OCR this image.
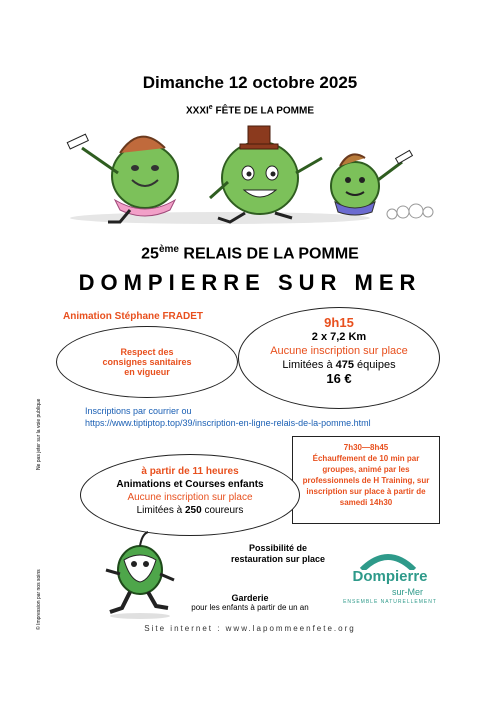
Dimanche 12 octobre 2025
XXXIe FÊTE DE LA POMME
25ème RELAIS DE LA POMME
DOMPIERRE SUR MER
Animation Stéphane FRADET
Respect des
consignes sanitaires
en vigueur
9h15
2 x 7,2 Km
Aucune inscription sur place
Limitées à 475 équipes
16 €
Inscriptions par courrier ou
https://www.tiptiptop.top/39/inscription-en-ligne-relais-de-la-pomme.html
7h30—8h45
Échauffement de 10 min par groupes, animé par les professionnels de H Training, sur inscription sur place à partir de samedi 14h30
à partir de 11 heures
Animations et Courses enfants
Aucune inscription sur place
Limitées à 250 coureurs
Ne pas jeter sur la voie publique
© Impression par nos soins
Possibilité de restauration sur place
Garderie
pour les enfants à partir de un an
Dompierre
sur-Mer
ENSEMBLE NATURELLEMENT
Site internet : www.lapommeenfete.org
